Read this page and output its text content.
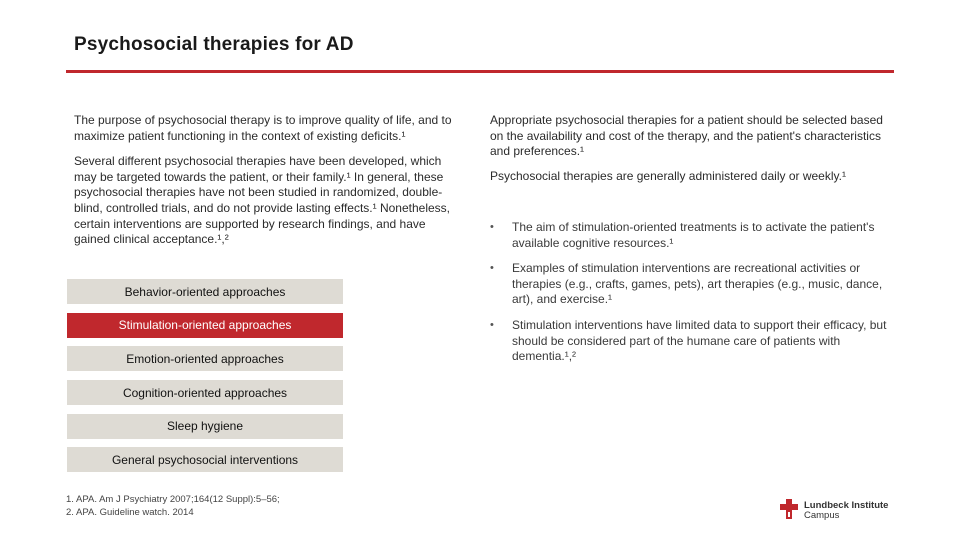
Psychosocial therapies for AD

The purpose of psychosocial therapy is to improve quality of life, and to maximize patient functioning in the context of existing deficits.¹

Several different psychosocial therapies have been developed, which may be targeted towards the patient, or their family.¹ In general, these psychosocial therapies have not been studied in randomized, double-blind, controlled trials, and do not provide lasting effects.¹ Nonetheless, certain interventions are supported by research findings, and have gained clinical acceptance.¹,²

Behavior-oriented approaches
Stimulation-oriented approaches
Emotion-oriented approaches
Cognition-oriented approaches
Sleep hygiene
General psychosocial interventions

Appropriate psychosocial therapies for a patient should be selected based on the availability and cost of the therapy, and the patient's characteristics and preferences.¹

Psychosocial therapies are generally administered daily or weekly.¹

• The aim of stimulation-oriented treatments is to activate the patient's available cognitive resources.¹
• Examples of stimulation interventions are recreational activities or therapies (e.g., crafts, games, pets), art therapies (e.g., music, dance, art), and exercise.¹
• Stimulation interventions have limited data to support their efficacy, but should be considered part of the humane care of patients with dementia.¹,²
1. APA. Am J Psychiatry 2007;164(12 Suppl):5–56;
2. APA. Guideline watch. 2014
Lundbeck Institute
Campus
